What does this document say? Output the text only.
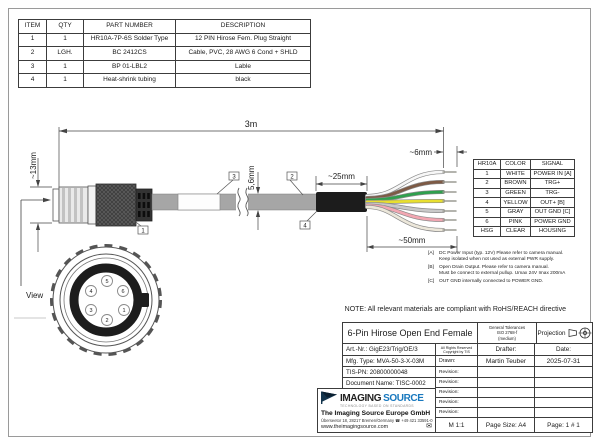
3m
~13mm
View
5,6mm	~25mm
~6mm
~50mm
1
2
3
4
5
6
1
2
3
4
ITEM	QTY	PART NUMBER	DESCRIPTION
1	1	HR10A-7P-6S Solder Type	12 PIN Hirose Fem. Plug Straight
2	LGH.	BC 2412CS	Cable, PVC, 28 AWG 6 Cond + SHLD
3	1	BP 01-LBL2	Lable
4	1	Heat-shrink tubing	black
HR10A	COLOR	SIGNAL
1	WHITE	POWER IN [A]
2	BROWN	TRG+
3	GREEN	TRG-
4	YELLOW	OUT+ [B]
5	GRAY	OUT GND [C]
6	PINK	POWER GND
HSG	CLEAR	HOUSING
[A]	DC Power Input (typ. 12V) Please refer to camera manual.
Keep isolated when not used as external PWR supply.
[B]	Open Drain Output. Please refer to camera manual.
Must be connect to external pullup. Umax 24V Imax 200mA
[C]	OUT GND internally connected to POWER GND.
NOTE: All relevant materials are compliant with RoHS/REACH directive
6-Pin Hirose Open End Female
General Tolerances
ISO 2768-f
(medium)
Projection
Art.-Nr.: GigE23/Trig/OE/3	All Rights Reserved
Copyright by TIS	Drafter:	Date:
Mfg. Type: MVA-50-3-X-03M	Drawn:	Martin Teuber	2025-07-31
TIS-PN: 20800000048
Document Name: TISC-0002
Revision:
Revision:
Revision:
Revision:
Revision:
IMAGING SOURCE
TECHNOLOGY BASED ON STANDARDS
The Imaging Source Europe GmbH
Überseetor 18, 28217 Bremen/Germany ☎ +49 421 33591-0
www.theimagingsource.com	✉	M 1:1	Page Size: A4	Page: 1 # 1
